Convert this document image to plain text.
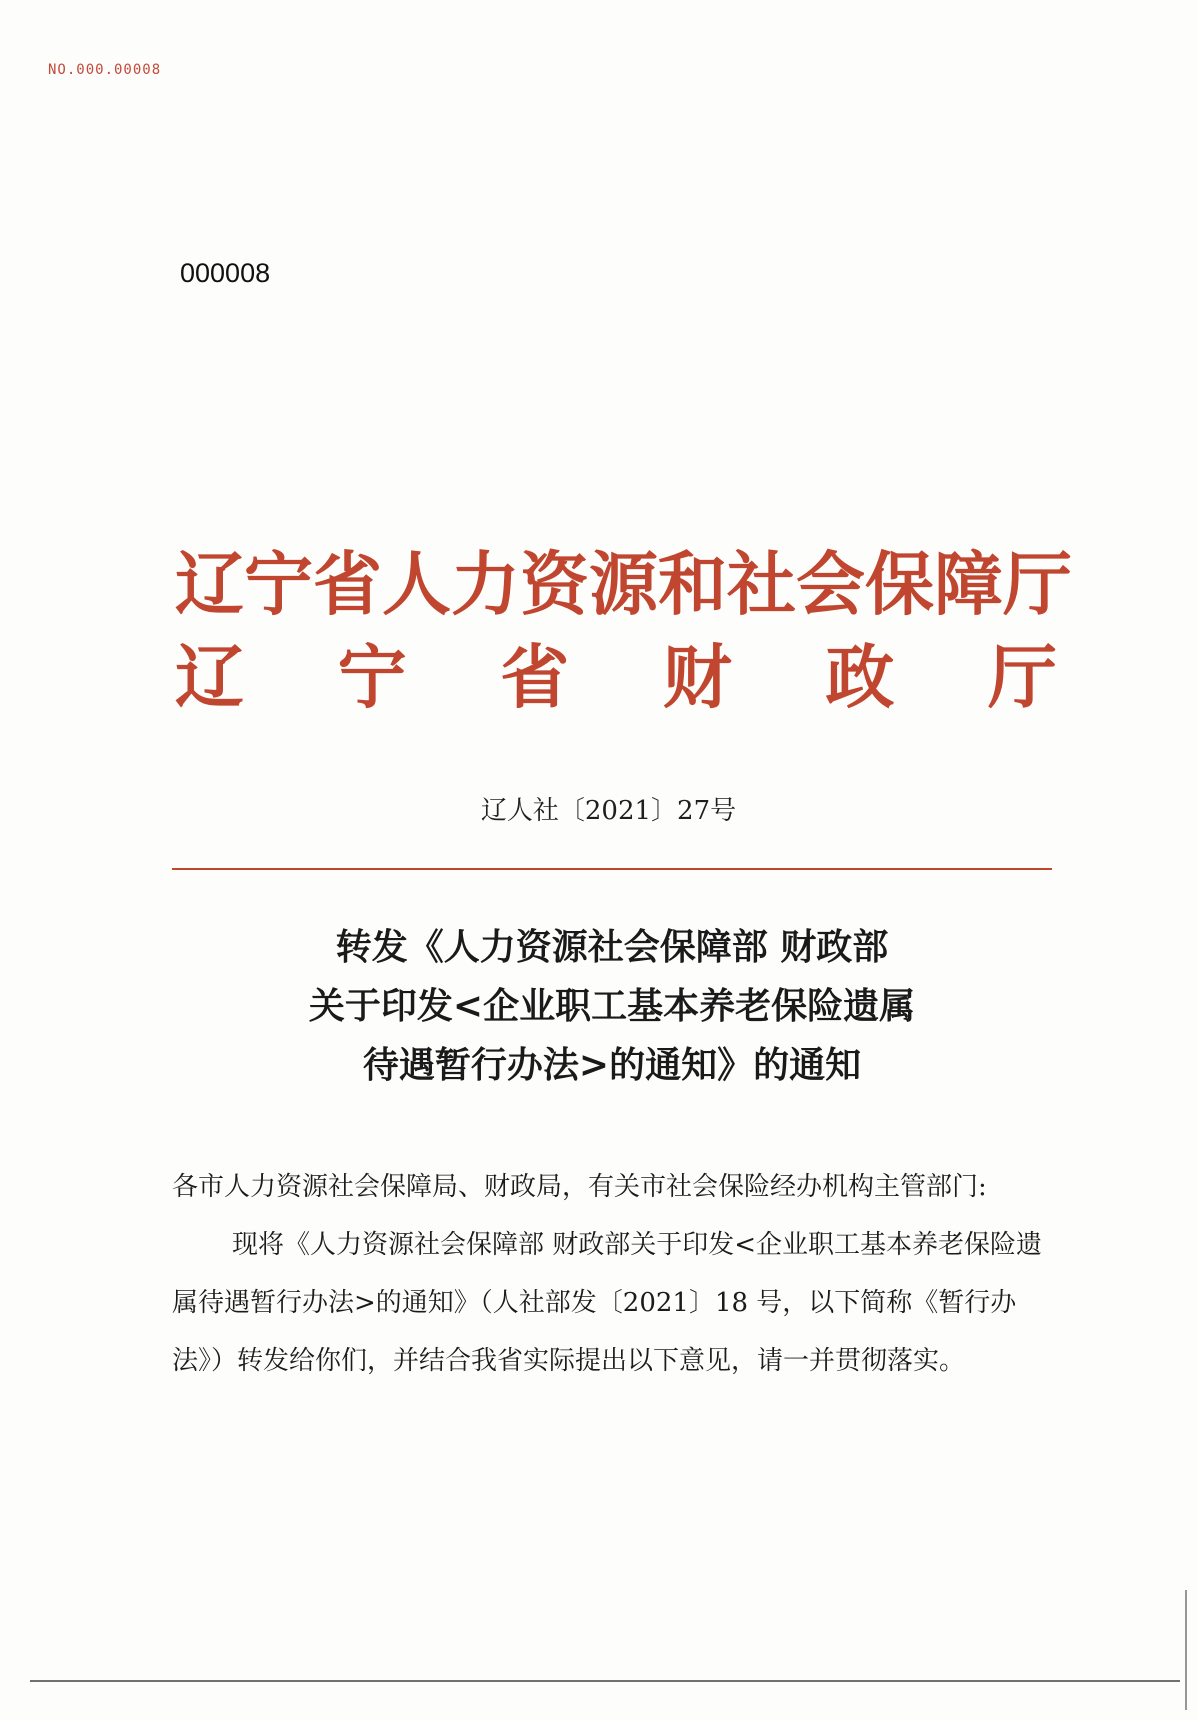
NO.000.00008
000008
辽宁省人力资源和社会保障厅
辽 宁 省 财 政 厅
辽人社〔2021〕27号
转发《人力资源社会保障部 财政部
关于印发<企业职工基本养老保险遗属
待遇暂行办法>的通知》的通知

各市人力资源社会保障局、财政局，有关市社会保险经办机构主管部门:

现将《人力资源社会保障部 财政部关于印发<企业职工基本养老保险遗属待遇暂行办法>的通知》（人社部发〔2021〕18 号，以下简称《暂行办法》）转发给你们，并结合我省实际提出以下意见，请一并贯彻落实。
